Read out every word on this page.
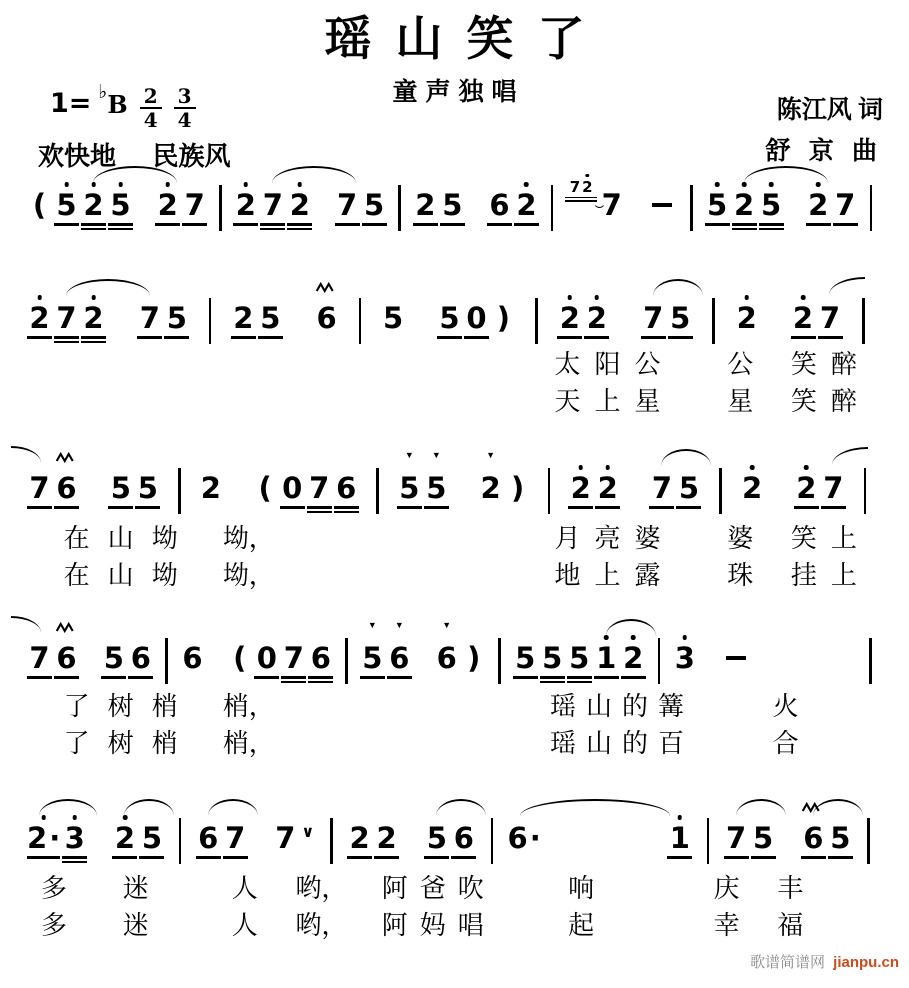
瑶山笑了
童声独唱
1= ♭ B $\frac{2}{4} \frac{3}{4}$
欢快地 民族风
陈江风 词
舒 京 曲
( 5 2 5 2 7 2 7 2 7 5 2 5 6 2
7 2
7	5 2 5 2 7
2 7 2 7 5 2 5 6 5 5 0 ) 2 2 7 5 2 2 7
太阳公 公 笑醉
天上星 星 笑醉
7 6 5 5 2 ( 0 7 6
▼
5
▼
5
▼
2 ) 2 2 7 5 2 2 7
在山坳 坳，	月亮婆 婆 笑上
在山坳 坳，	地上露 珠 挂上
7 6 5 6 6 ( 0 7 6
▼
5
▼
6
▼
6 ) 5 5 5 1 2 3
了树梢 梢，	瑶山的篝	火
了树梢 梢，	瑶山的百	合
2· 3 2 5 6 7 7 ∨ 2 2 5 6 6·	1 7 5 6 5
多 迷	人 哟， 阿爸吹	响	庆 丰
多 迷	人 哟， 阿妈唱	起	幸 福
歌谱简谱网 jianpu.cn
